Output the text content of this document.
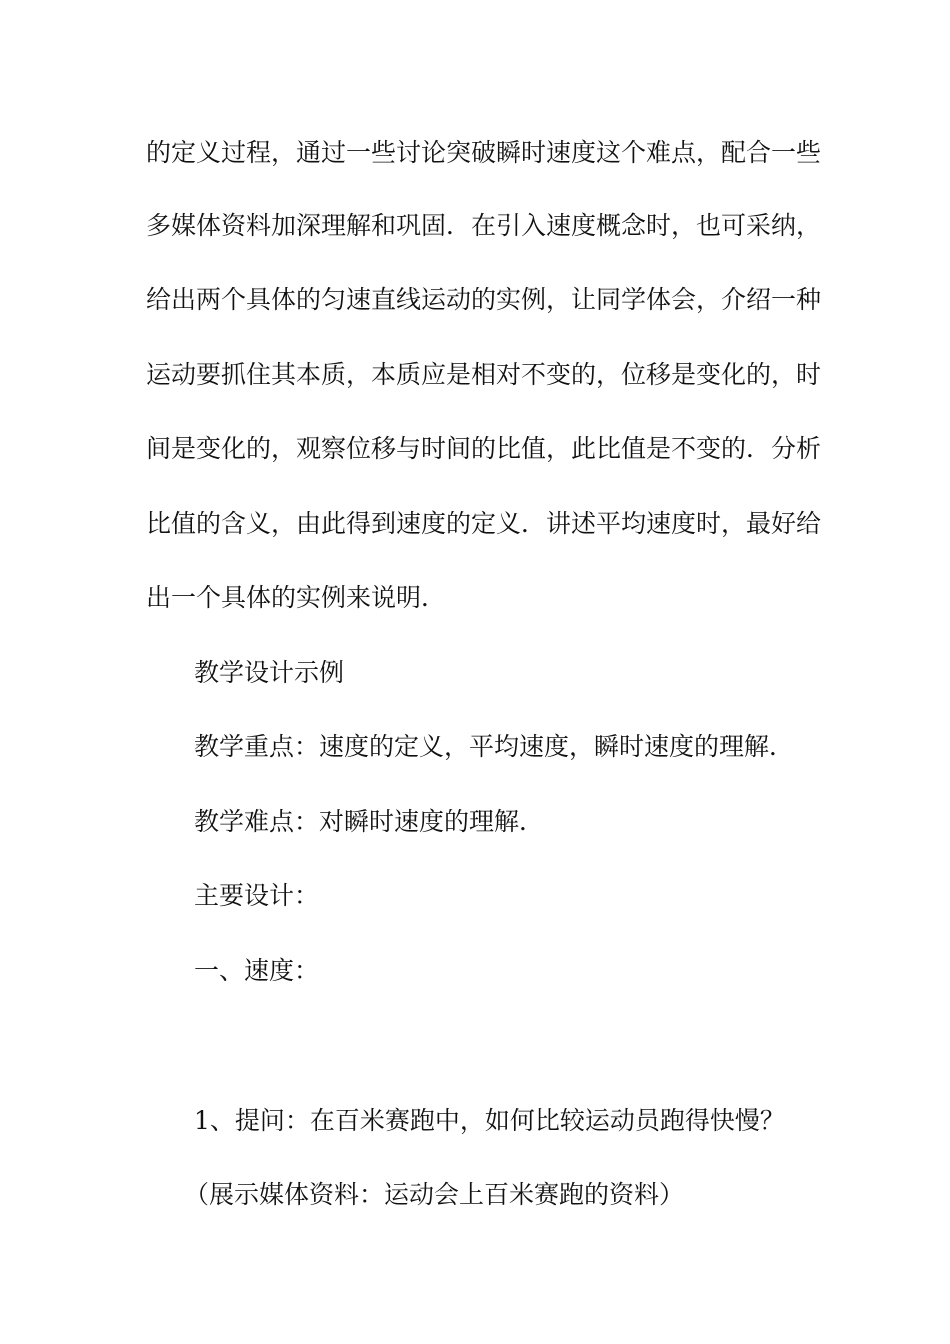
的定义过程，通过一些讨论突破瞬时速度这个难点，配合一些
多媒体资料加深理解和巩固．在引入速度概念时，也可采纳，
给出两个具体的匀速直线运动的实例，让同学体会，介绍一种
运动要抓住其本质，本质应是相对不变的，位移是变化的，时
间是变化的，观察位移与时间的比值，此比值是不变的．分析
比值的含义，由此得到速度的定义．讲述平均速度时，最好给
出一个具体的实例来说明．
教学设计示例
教学重点：速度的定义，平均速度，瞬时速度的理解．
教学难点：对瞬时速度的理解．
主要设计：
一、速度：
1、提问：在百米赛跑中，如何比较运动员跑得快慢？
（展示媒体资料：运动会上百米赛跑的资料）
